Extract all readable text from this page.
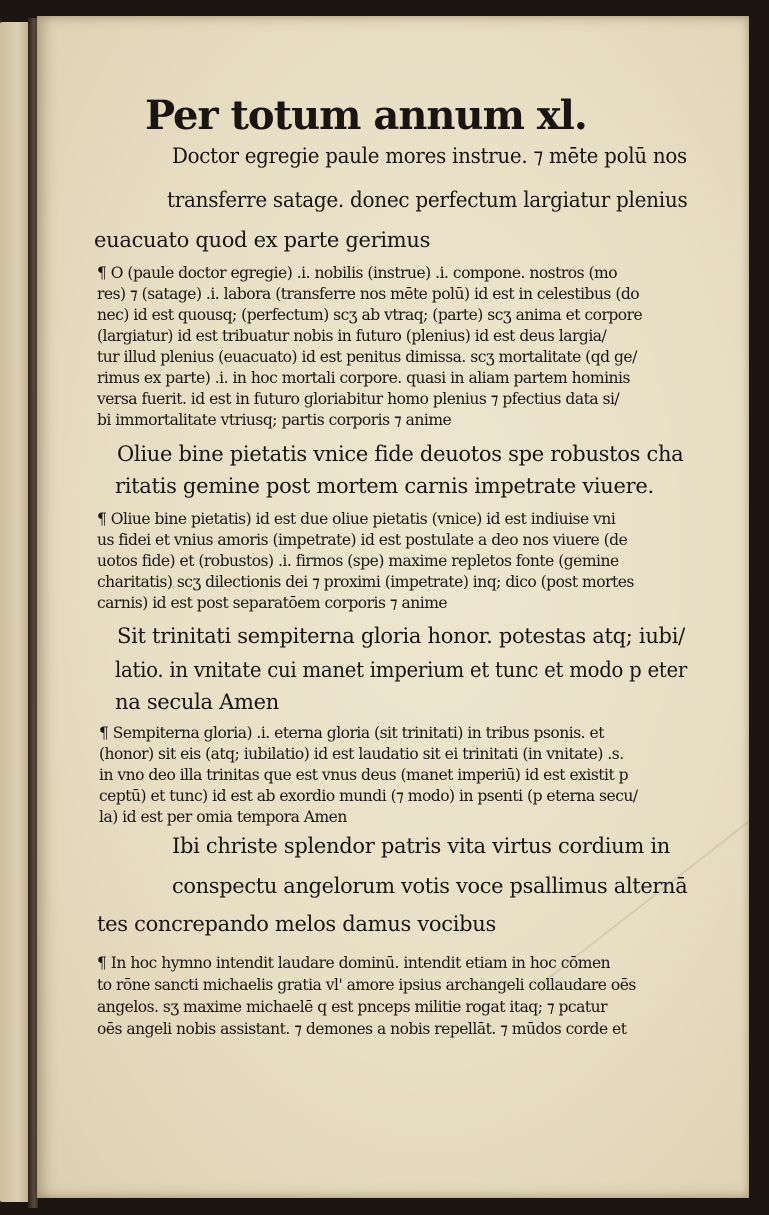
Per totum annum xl.
Doctor egregie paule mores instrue. ⁊ mēte polū nos
transferre satage. donec perfectum largiatur plenius
euacuato quod ex parte gerimus
¶ O (paule doctor egregie) .i. nobilis (instrue) .i. compone. nostros (mo
res) ⁊ (satage) .i. labora (transferre nos mēte polū) id est in celestibus (do
nec) id est quousq; (perfectum) scʒ ab vtraq; (parte) scʒ anima et corpore
(largiatur) id est tribuatur nobis in futuro (plenius) id est deus largia/
tur illud plenius (euacuato) id est penitus dimissa. scʒ mortalitate (qd ge/
rimus ex parte) .i. in hoc mortali corpore. quasi in aliam partem hominis
versa fuerit. id est in futuro gloriabitur homo plenius ⁊ pfectius data si/
bi immortalitate vtriusq; partis corporis ⁊ anime
Oliue bine pietatis vnice fide deuotos spe robustos cha
ritatis gemine post mortem carnis impetrate viuere.
¶ Oliue bine pietatis) id est due oliue pietatis (vnice) id est indiuise vni
us fidei et vnius amoris (impetrate) id est postulate a deo nos viuere (de
uotos fide) et (robustos) .i. firmos (spe) maxime repletos fonte (gemine
charitatis) scʒ dilectionis dei ⁊ proximi (impetrate) inq; dico (post mortes
carnis) id est post separatōem corporis ⁊ anime
Sit trinitati sempiterna gloria honor. potestas atq; iubi/
latio. in vnitate cui manet imperium et tunc et modo p eter
na secula Amen
¶ Sempiterna gloria) .i. eterna gloria (sit trinitati) in tribus psonis. et
(honor) sit eis (atq; iubilatio) id est laudatio sit ei trinitati (in vnitate) .s.
in vno deo illa trinitas que est vnus deus (manet imperiū) id est existit p
ceptū) et tunc) id est ab exordio mundi (⁊ modo) in psenti (p eterna secu/
la) id est per omia tempora Amen
Ibi christe splendor patris vita virtus cordium in
conspectu angelorum votis voce psallimus alternā
tes concrepando melos damus vocibus
¶ In hoc hymno intendit laudare dominū. intendit etiam in hoc cōmen
to rōne sancti michaelis gratia vl' amore ipsius archangeli collaudare oēs
angelos. sʒ maxime michaelē q est pnceps militie rogat itaq; ⁊ pcatur
oēs angeli nobis assistant. ⁊ demones a nobis repellāt. ⁊ mūdos corde et
